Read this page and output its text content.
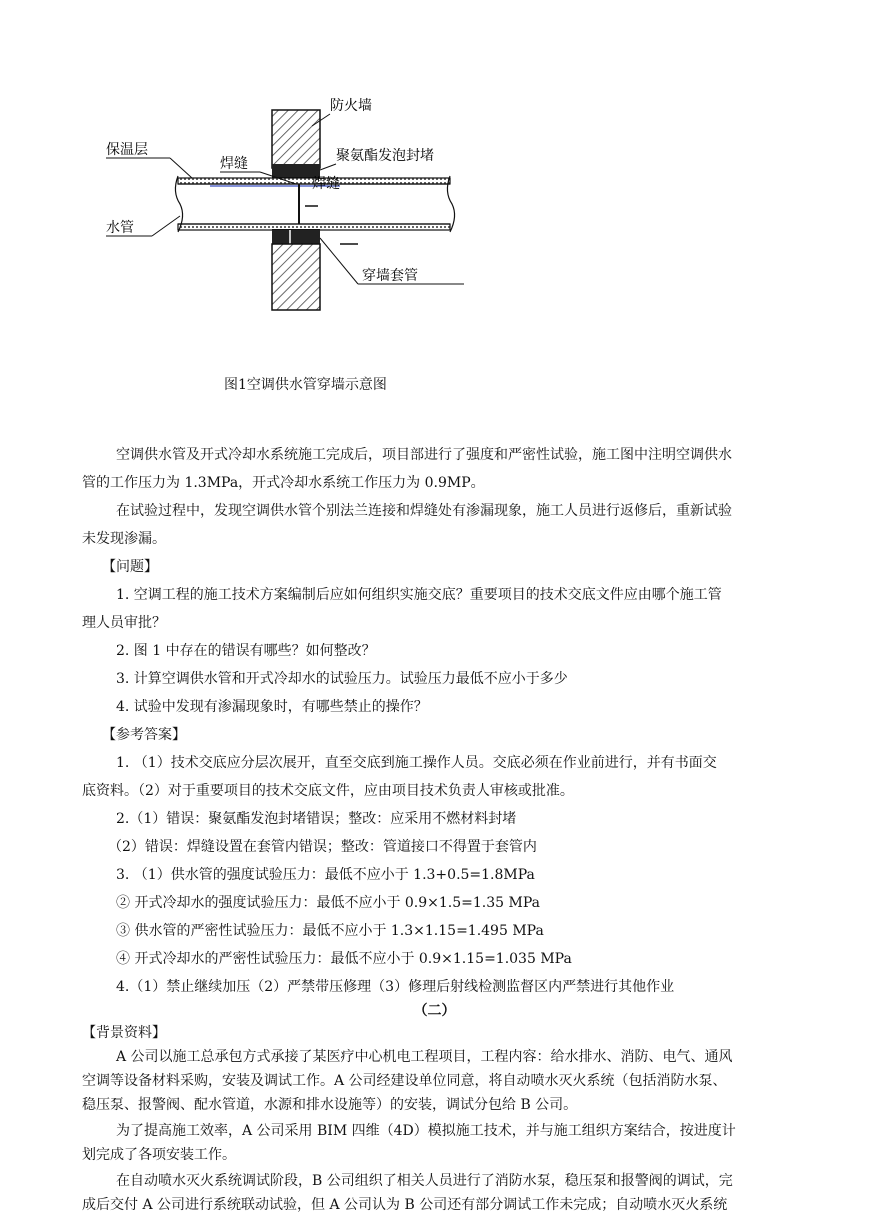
防火墙
保温层
焊缝	聚氨酯发泡封堵
焊缝
水管
穿墙套管
图1空调供水管穿墙示意图
空调供水管及开式冷却水系统施工完成后，项目部进行了强度和严密性试验，施工图中注明空调供水
管的工作压力为 1.3MPa，开式冷却水系统工作压力为 0.9MP。
在试验过程中，发现空调供水管个别法兰连接和焊缝处有渗漏现象，施工人员进行返修后，重新试验
未发现渗漏。
【问题】
1. 空调工程的施工技术方案编制后应如何组织实施交底？重要项目的技术交底文件应由哪个施工管
理人员审批？
2. 图 1 中存在的错误有哪些？如何整改？
3. 计算空调供水管和开式冷却水的试验压力。试验压力最低不应小于多少
4. 试验中发现有渗漏现象时，有哪些禁止的操作？
【参考答案】
1. （1）技术交底应分层次展开，直至交底到施工操作人员。交底必须在作业前进行，并有书面交
底资料。（2）对于重要项目的技术交底文件，应由项目技术负责人审核或批准。
2.（1）错误：聚氨酯发泡封堵错误；整改：应采用不燃材料封堵
（2）错误：焊缝设置在套管内错误；整改：管道接口不得置于套管内
3. （1）供水管的强度试验压力：最低不应小于 1.3+0.5=1.8MPa
② 开式冷却水的强度试验压力：最低不应小于 0.9×1.5=1.35 MPa
③ 供水管的严密性试验压力：最低不应小于 1.3×1.15=1.495 MPa
④ 开式冷却水的严密性试验压力：最低不应小于 0.9×1.15=1.035 MPa
4.（1）禁止继续加压（2）严禁带压修理（3）修理后射线检测监督区内严禁进行其他作业
（二）
【背景资料】
A 公司以施工总承包方式承接了某医疗中心机电工程项目，工程内容：给水排水、消防、电气、通风
空调等设备材料采购，安装及调试工作。A 公司经建设单位同意，将自动喷水灭火系统（包括消防水泵、
稳压泵、报警阀、配水管道，水源和排水设施等）的安装，调试分包给 B 公司。
为了提高施工效率，A 公司采用 BIM 四维（4D）模拟施工技术，并与施工组织方案结合，按进度计
划完成了各项安装工作。
在自动喷水灭火系统调试阶段，B 公司组织了相关人员进行了消防水泵，稳压泵和报警阀的调试，完
成后交付 A 公司进行系统联动试验，但 A 公司认为 B 公司还有部分调试工作未完成；自动喷水灭火系统
